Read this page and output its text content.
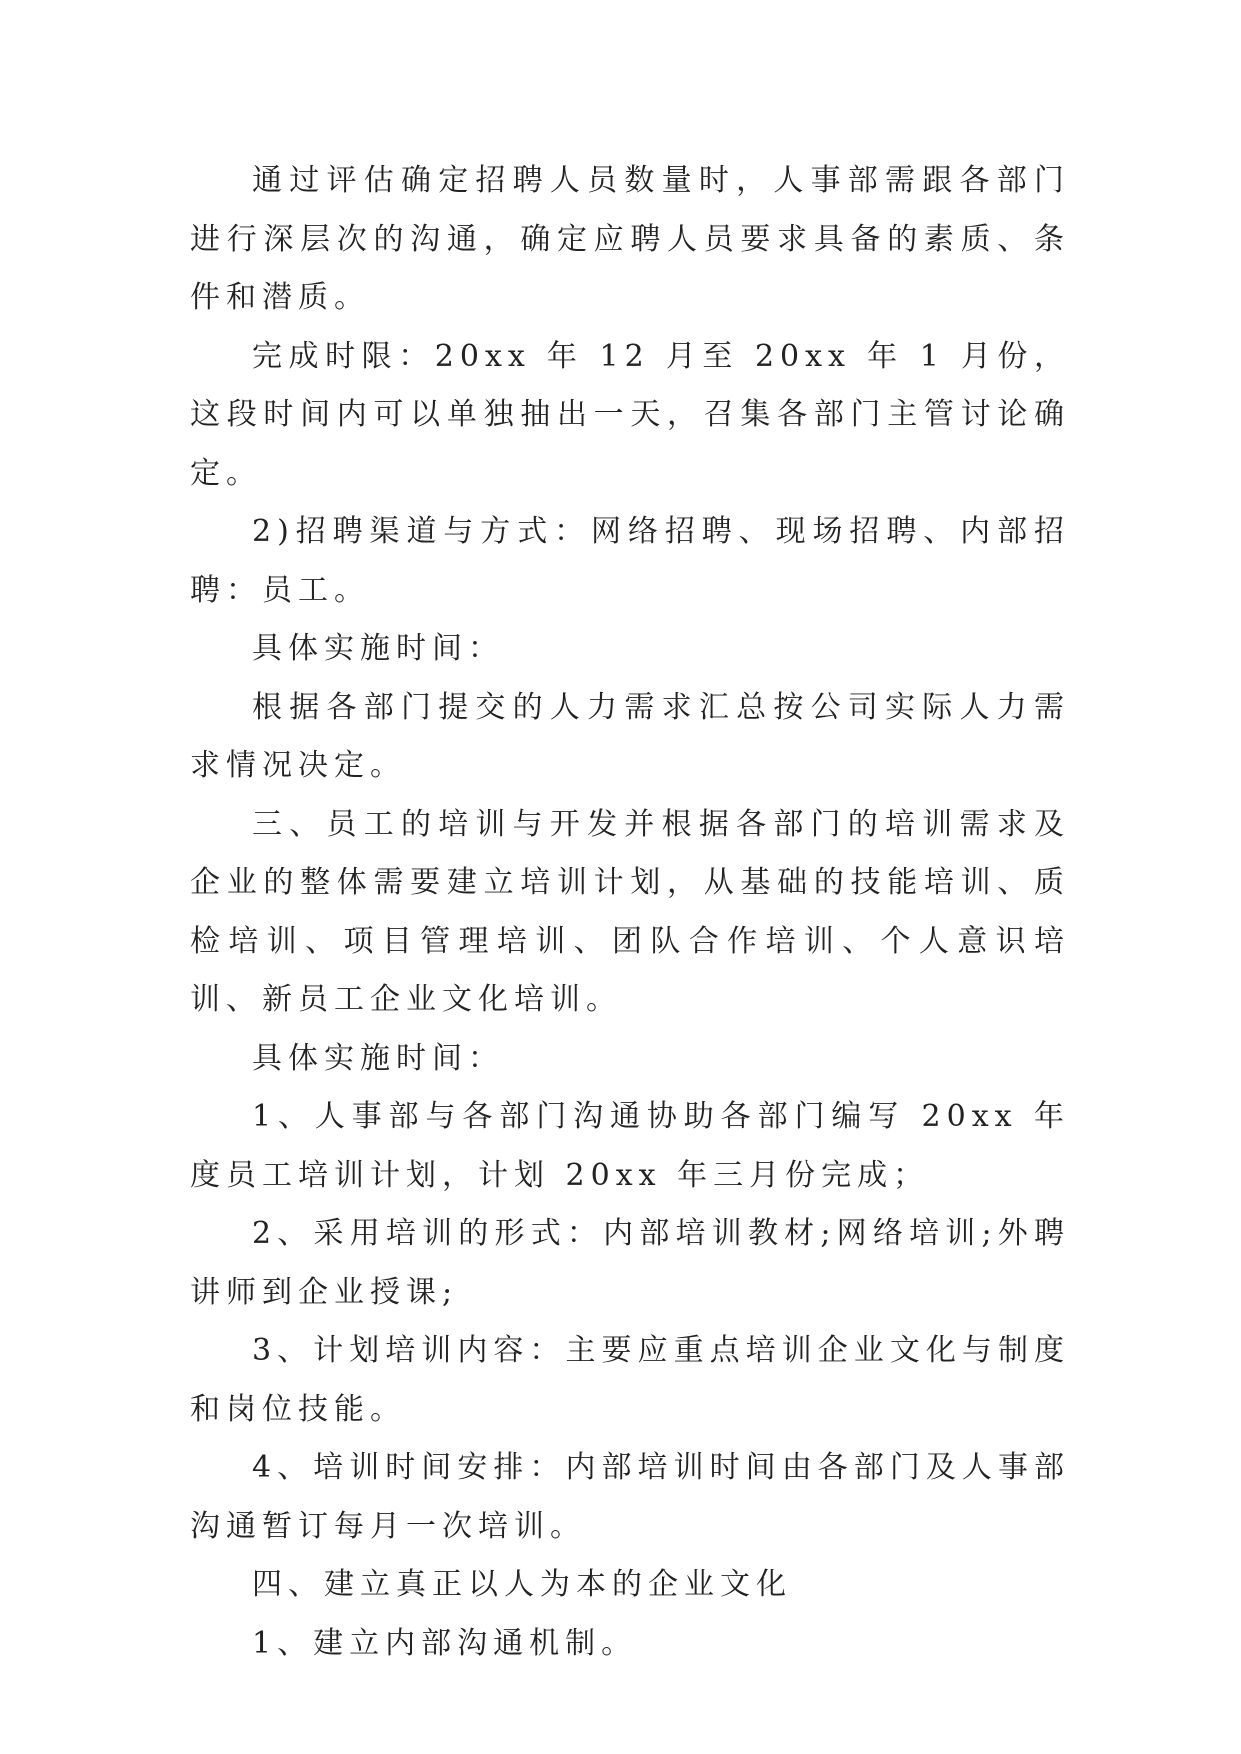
通过评估确定招聘人员数量时，人事部需跟各部门进行深层次的沟通，确定应聘人员要求具备的素质、条件和潜质。

完成时限：20xx 年 12 月至 20xx 年 1 月份，这段时间内可以单独抽出一天，召集各部门主管讨论确定。

2)招聘渠道与方式：网络招聘、现场招聘、内部招聘：员工。

具体实施时间：

根据各部门提交的人力需求汇总按公司实际人力需求情况决定。

三、员工的培训与开发并根据各部门的培训需求及企业的整体需要建立培训计划，从基础的技能培训、质检培训、项目管理培训、团队合作培训、个人意识培训、新员工企业文化培训。

具体实施时间：

1、人事部与各部门沟通协助各部门编写 20xx 年度员工培训计划，计划 20xx 年三月份完成；

2、采用培训的形式：内部培训教材;网络培训;外聘讲师到企业授课;

3、计划培训内容：主要应重点培训企业文化与制度和岗位技能。

4、培训时间安排：内部培训时间由各部门及人事部沟通暂订每月一次培训。

四、建立真正以人为本的企业文化

1、建立内部沟通机制。
